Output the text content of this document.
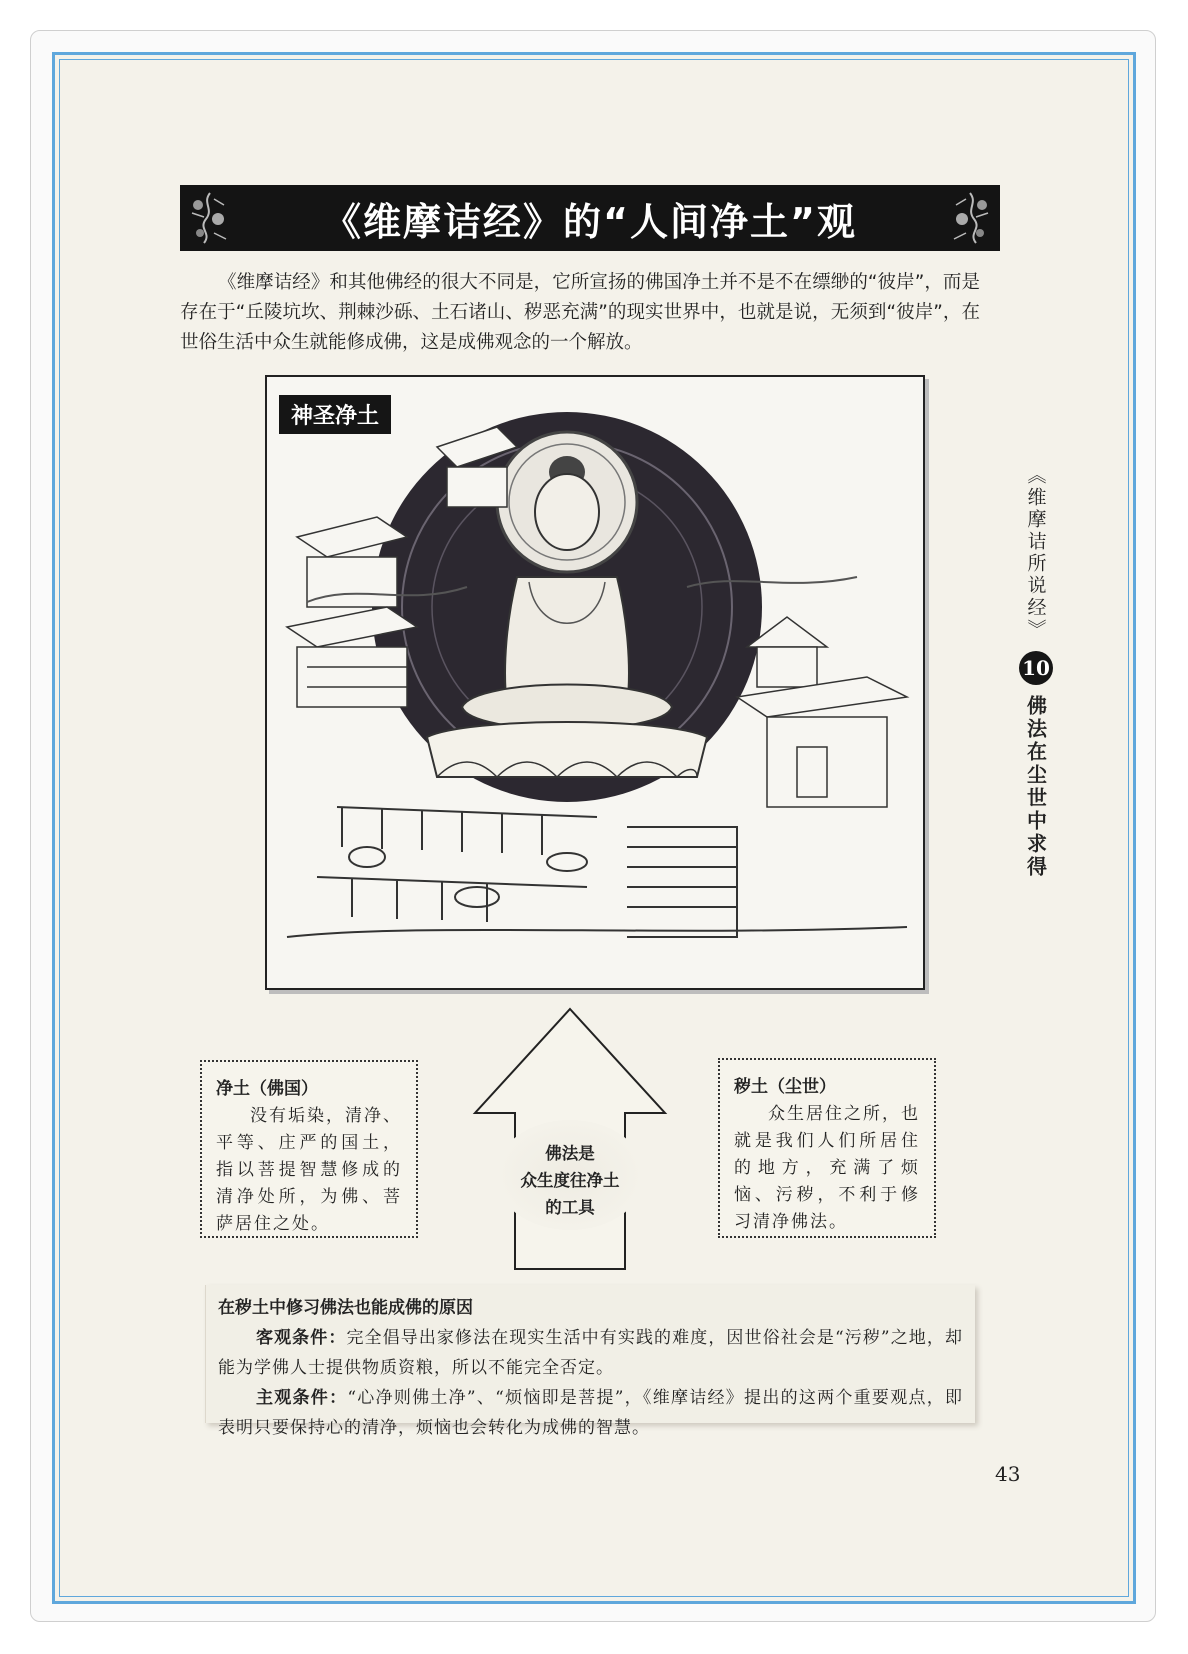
《维摩诘经》的“人间净土”观

《维摩诘经》和其他佛经的很大不同是，它所宣扬的佛国净土并不是不在缥缈的“彼岸”，而是存在于“丘陵坑坎、荆棘沙砾、土石诸山、秽恶充满”的现实世界中，也就是说，无须到“彼岸”，在世俗生活中众生就能修成佛，这是成佛观念的一个解放。

神圣净土
《维摩诘所说经》
10
佛法在尘世中求得
净土（佛国）
没有垢染，清净、平等、庄严的国土，指以菩提智慧修成的清净处所，为佛、菩萨居住之处。
佛法是
众生度往净土
的工具
秽土（尘世）
众生居住之所，也就是我们人们所居住的地方，充满了烦恼、污秽，不利于修习清净佛法。
在秽土中修习佛法也能成佛的原因

客观条件：完全倡导出家修法在现实生活中有实践的难度，因世俗社会是“污秽”之地，却能为学佛人士提供物质资粮，所以不能完全否定。

主观条件：“心净则佛土净”、“烦恼即是菩提”，《维摩诘经》提出的这两个重要观点，即表明只要保持心的清净，烦恼也会转化为成佛的智慧。

43
